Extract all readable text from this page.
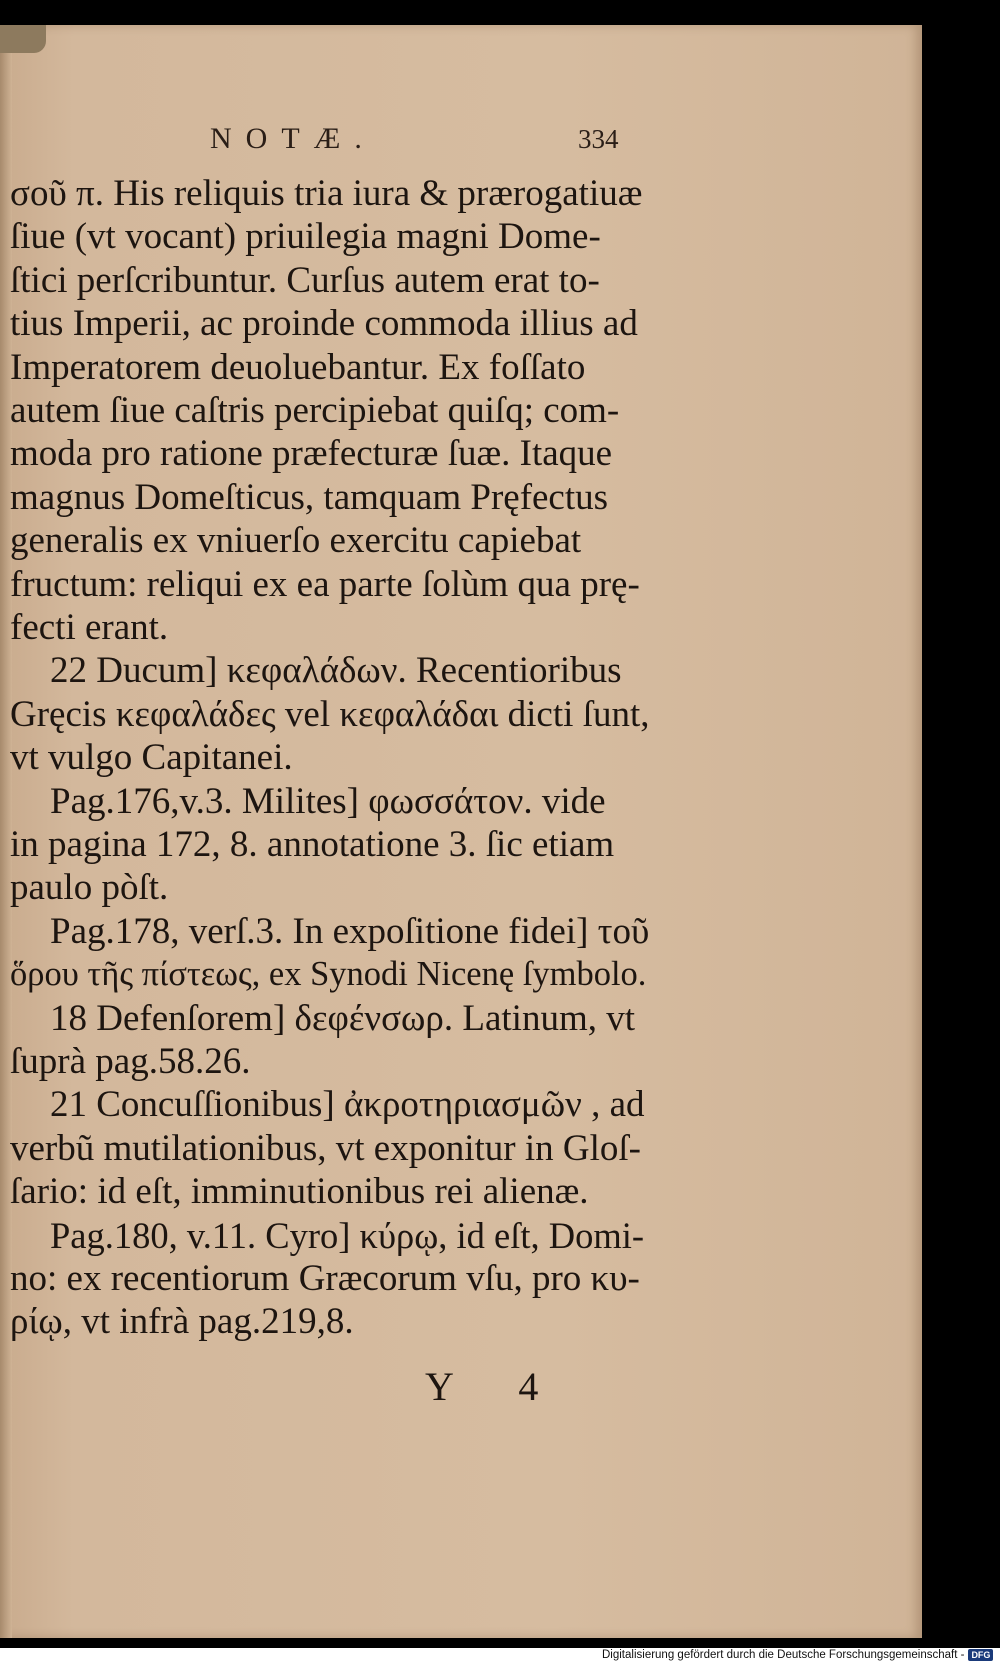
NOTÆ.	334
σοῦ π. His reliquis tria iura & prærogatiuæ
ſiue (vt vocant) priuilegia magni Dome-
ſtici perſcribuntur. Curſus autem erat to-
tius Imperii, ac proinde commoda illius ad
Imperatorem deuoluebantur. Ex foſſato
autem ſiue caſtris percipiebat quiſq; com-
moda pro ratione præfecturæ ſuæ. Itaque
magnus Domeſticus, tamquam Pręfectus
generalis ex vniuerſo exercitu capiebat
fructum: reliqui ex ea parte ſolùm qua prę-
fecti erant.
22 Ducum] κεφαλάδων. Recentioribus
Gręcis κεφαλάδες vel κεφαλάδαι dicti ſunt,
vt vulgo Capitanei.
Pag.176,v.3. Milites] φωσσάτον. vide
in pagina 172, 8. annotatione 3. ſic etiam
paulo pòſt.
Pag.178, verſ.3. In expoſitione fidei] τοῦ
ὅρου τῆς πίστεως, ex Synodi Nicenę ſymbolo.
18 Defenſorem] δεφένσωρ. Latinum, vt
ſuprà pag.58.26.
21 Concuſſionibus] ἀκροτηριασμῶν , ad
verbũ mutilationibus, vt exponitur in Gloſ-
ſario: id eſt, imminutionibus rei alienæ.
Pag.180, v.11. Cyro] κύρῳ, id eſt, Domi-
no: ex recentiorum Græcorum vſu, pro κυ-
ρίῳ, vt infrà pag.219,8.
Y 4
Digitalisierung gefördert durch die Deutsche Forschungsgemeinschaft - DFG
